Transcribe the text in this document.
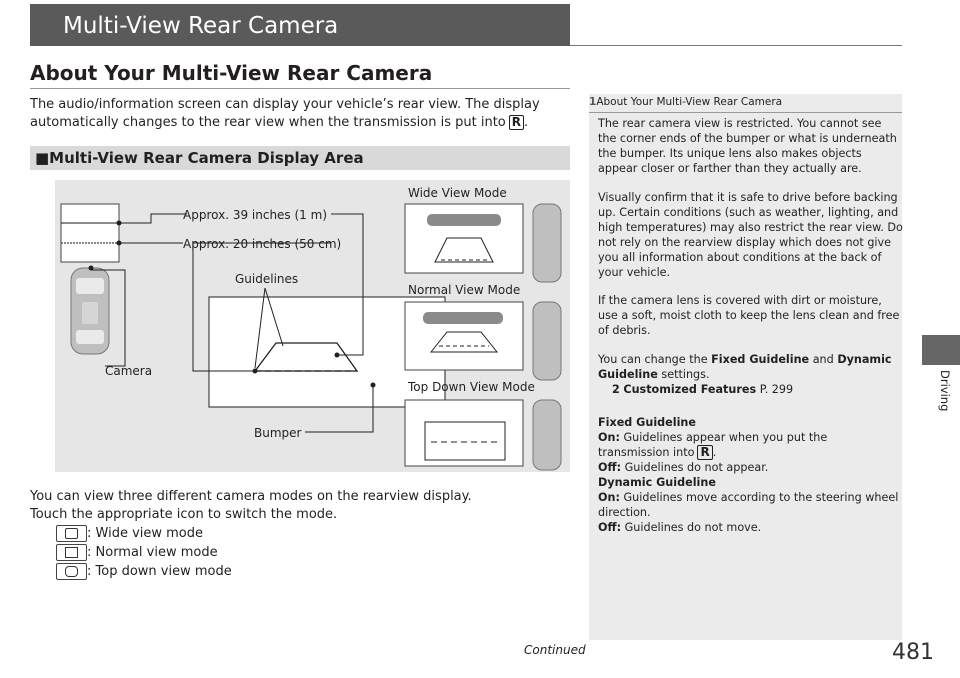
Multi-View Rear Camera
About Your Multi-View Rear Camera
The audio/information screen can display your vehicle’s rear view. The display
automatically changes to the rear view when the transmission is put into R .
■Multi-View Rear Camera Display Area
Approx. 39 inches (1 m)
Approx. 20 inches (50 cm)
Guidelines
Camera
Bumper
Wide View Mode
Normal View Mode
Top Down View Mode
You can view three different camera modes on the rearview display.
Touch the appropriate icon to switch the mode.
: Wide view mode
: Normal view mode
: Top down view mode
1About Your Multi-View Rear Camera
The rear camera view is restricted. You cannot see
the corner ends of the bumper or what is underneath
the bumper. Its unique lens also makes objects
appear closer or farther than they actually are.
Visually confirm that it is safe to drive before backing
up. Certain conditions (such as weather, lighting, and
high temperatures) may also restrict the rear view. Do
not rely on the rearview display which does not give
you all information about conditions at the back of
your vehicle.
If the camera lens is covered with dirt or moisture,
use a soft, moist cloth to keep the lens clean and free
of debris.
You can change the Fixed Guideline and Dynamic
Guideline settings.
2 Customized Features P. 299
Fixed Guideline
On: Guidelines appear when you put the
transmission into R .
Off: Guidelines do not appear.
Dynamic Guideline
On: Guidelines move according to the steering wheel
direction.
Off: Guidelines do not move.
Driving
Continued	481
